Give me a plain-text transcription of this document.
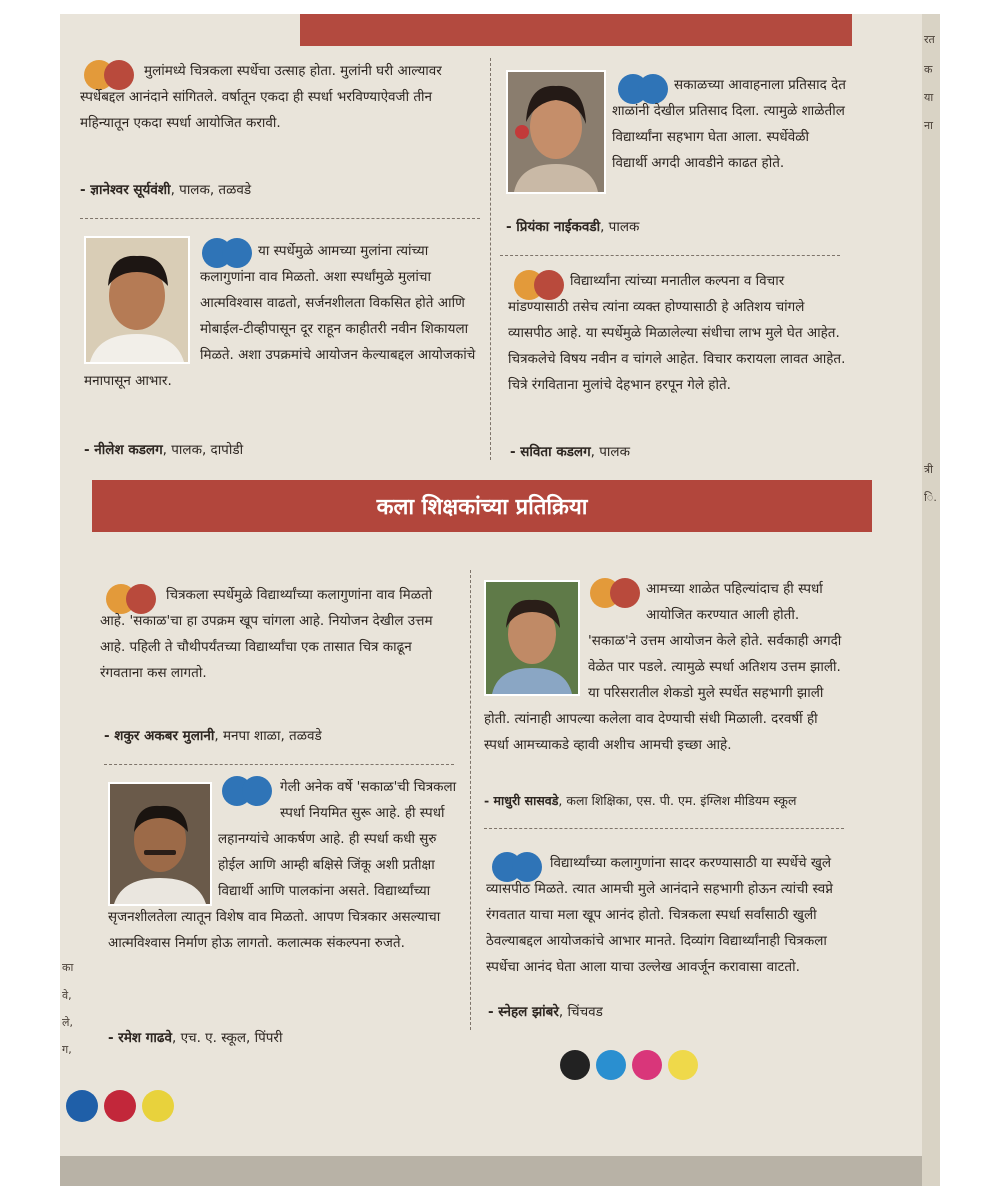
रत
क
या
ना
त्री
ि.
का
वे,
ले,
ग,
मुलांमध्ये चित्रकला स्पर्धेचा उत्साह होता. मुलांनी घरी आल्यावर स्पर्धेबद्दल आनंदाने सांगितले. वर्षातून एकदा ही स्पर्धा भरविण्याऐवजी तीन महिन्यातून एकदा स्पर्धा आयोजित करावी.
- ज्ञानेश्वर सूर्यवंशी, पालक, तळवडे
सकाळच्या आवाहनाला प्रतिसाद देत शाळांनी देखील प्रतिसाद दिला. त्यामुळे शाळेतील विद्यार्थ्यांना सहभाग घेता आला. स्पर्धेवेळी विद्यार्थी अगदी आवडीने काढत होते.
- प्रियंका नाईकवडी, पालक
या स्पर्धेमुळे आमच्या मुलांना त्यांच्या कलागुणांना वाव मिळतो. अशा स्पर्धांमुळे मुलांचा आत्मविश्वास वाढतो, सर्जनशीलता विकसित होते आणि मोबाईल-टीव्हीपासून दूर राहून काहीतरी नवीन शिकायला मिळते. अशा उपक्रमांचे आयोजन केल्याबद्दल आयोजकांचे मनापासून आभार.
- नीलेश कडलग, पालक, दापोडी
विद्यार्थ्यांना त्यांच्या मनातील कल्पना व विचार मांडण्यासाठी तसेच त्यांना व्यक्त होण्यासाठी हे अतिशय चांगले व्यासपीठ आहे. या स्पर्धेमुळे मिळालेल्या संधीचा लाभ मुले घेत आहेत. चित्रकलेचे विषय नवीन व चांगले आहेत. विचार करायला लावत आहेत. चित्रे रंगविताना मुलांचे देहभान हरपून गेले होते.
- सविता कडलग, पालक
कला शिक्षकांच्या प्रतिक्रिया
चित्रकला स्पर्धेमुळे विद्यार्थ्यांच्या कलागुणांना वाव मिळतो आहे. 'सकाळ'चा हा उपक्रम खूप चांगला आहे. नियोजन देखील उत्तम आहे. पहिली ते चौथीपर्यंतच्या विद्यार्थ्यांचा एक तासात चित्र काढून रंगवताना कस लागतो.
- शकुर अकबर मुलानी, मनपा शाळा, तळवडे
आमच्या शाळेत पहिल्यांदाच ही स्पर्धा आयोजित करण्यात आली होती. 'सकाळ'ने उत्तम आयोजन केले होते. सर्वकाही अगदी वेळेत पार पडले. त्यामुळे स्पर्धा अतिशय उत्तम झाली. या परिसरातील शेकडो मुले स्पर्धेत सहभागी झाली होती. त्यांनाही आपल्या कलेला वाव देण्याची संधी मिळाली. दरवर्षी ही स्पर्धा आमच्याकडे व्हावी अशीच आमची इच्छा आहे.
- माधुरी सासवडे, कला शिक्षिका, एस. पी. एम. इंग्लिश मीडियम स्कूल
गेली अनेक वर्षे 'सकाळ'ची चित्रकला स्पर्धा नियमित सुरू आहे. ही स्पर्धा लहानग्यांचे आकर्षण आहे. ही स्पर्धा कधी सुरु होईल आणि आम्ही बक्षिसे जिंकू अशी प्रतीक्षा विद्यार्थी आणि पालकांना असते. विद्यार्थ्यांच्या सृजनशीलतेला त्यातून विशेष वाव मिळतो. आपण चित्रकार असल्याचा आत्मविश्वास निर्माण होऊ लागतो. कलात्मक संकल्पना रुजते.
- रमेश गाढवे, एच. ए. स्कूल, पिंपरी
विद्यार्थ्यांच्या कलागुणांना सादर करण्यासाठी या स्पर्धेचे खुले व्यासपीठ मिळते. त्यात आमची मुले आनंदाने सहभागी होऊन त्यांची स्वप्ने रंगवतात याचा मला खूप आनंद होतो. चित्रकला स्पर्धा सर्वांसाठी खुली ठेवल्याबद्दल आयोजकांचे आभार मानते. दिव्यांग विद्यार्थ्यांनाही चित्रकला स्पर्धेचा आनंद घेता आला याचा उल्लेख आवर्जून करावासा वाटतो.
- स्नेहल झांबरे, चिंचवड
